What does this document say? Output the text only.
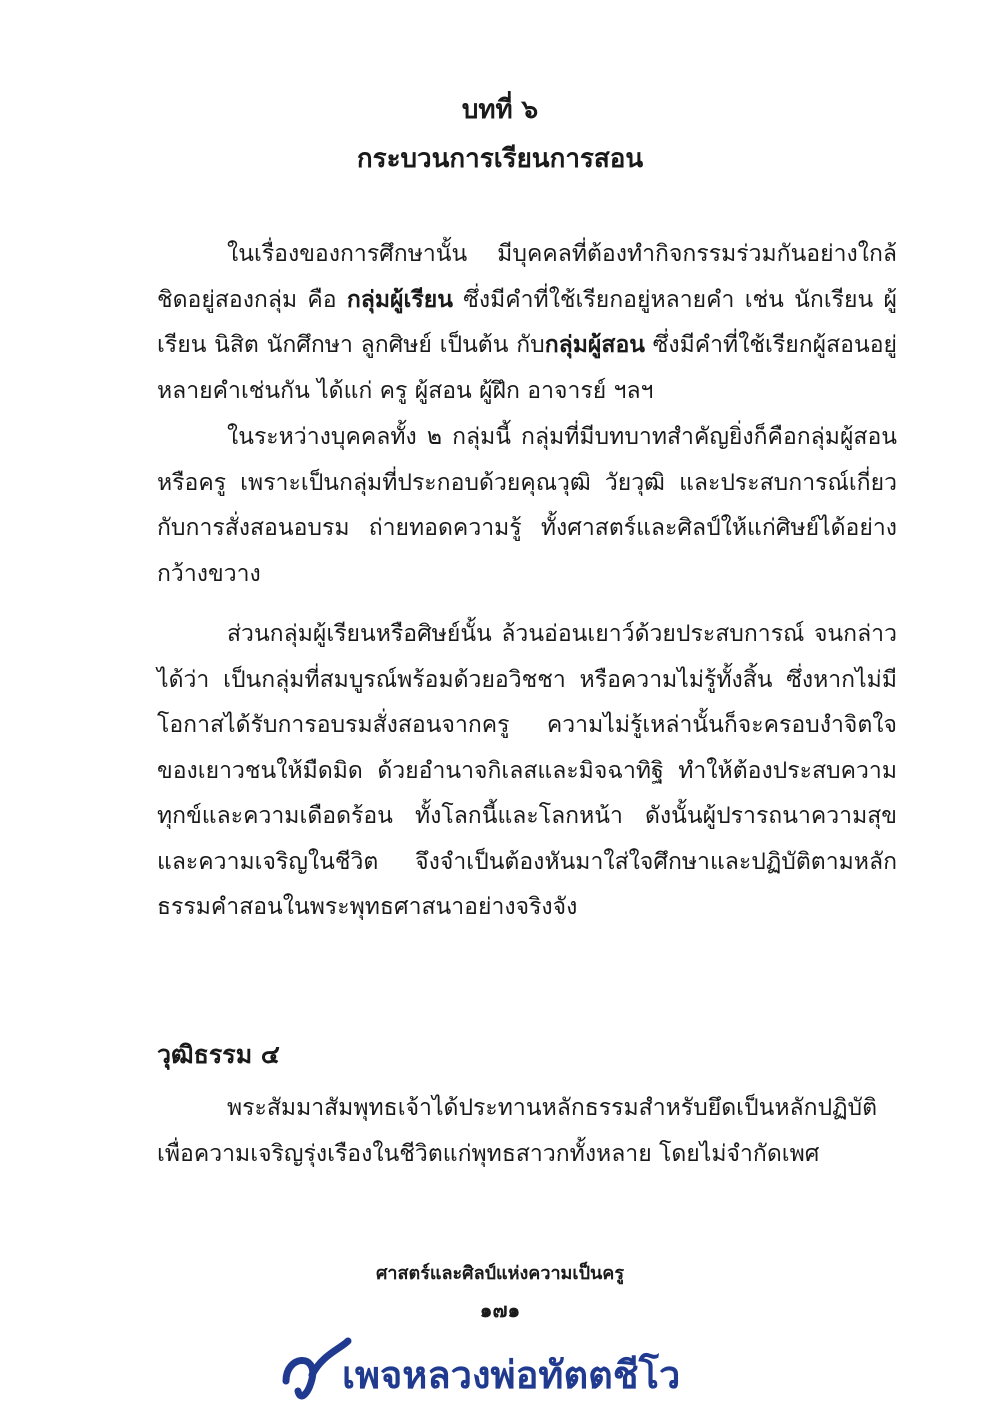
บทที่ ๖
กระบวนการเรียนการสอน
ในเรื่องของการศึกษานั้น มีบุคคลที่ต้องทำกิจกรรมร่วมกันอย่างใกล้ชิดอยู่สองกลุ่ม คือ กลุ่มผู้เรียน ซึ่งมีคำที่ใช้เรียกอยู่หลายคำ เช่น นักเรียน ผู้เรียน นิสิต นักศึกษา ลูกศิษย์ เป็นต้น กับกลุ่มผู้สอน ซึ่งมีคำที่ใช้เรียกผู้สอนอยู่หลายคำเช่นกัน ได้แก่ ครู ผู้สอน ผู้ฝึก อาจารย์ ฯลฯ
ในระหว่างบุคคลทั้ง ๒ กลุ่มนี้ กลุ่มที่มีบทบาทสำคัญยิ่งก็คือกลุ่มผู้สอนหรือครู เพราะเป็นกลุ่มที่ประกอบด้วยคุณวุฒิ วัยวุฒิ และประสบการณ์เกี่ยวกับการสั่งสอนอบรม ถ่ายทอดความรู้ ทั้งศาสตร์และศิลป์ให้แก่ศิษย์ได้อย่างกว้างขวาง
ส่วนกลุ่มผู้เรียนหรือศิษย์นั้น ล้วนอ่อนเยาว์ด้วยประสบการณ์ จนกล่าวได้ว่า เป็นกลุ่มที่สมบูรณ์พร้อมด้วยอวิชชา หรือความไม่รู้ทั้งสิ้น ซึ่งหากไม่มีโอกาสได้รับการอบรมสั่งสอนจากครู ความไม่รู้เหล่านั้นก็จะครอบงำจิตใจของเยาวชนให้มืดมิด ด้วยอำนาจกิเลสและมิจฉาทิฐิ ทำให้ต้องประสบความทุกข์และความเดือดร้อน ทั้งโลกนี้และโลกหน้า ดังนั้นผู้ปรารถนาความสุขและความเจริญในชีวิต จึงจำเป็นต้องหันมาใส่ใจศึกษาและปฏิบัติตามหลักธรรมคำสอนในพระพุทธศาสนาอย่างจริงจัง
วุฒิธรรม ๔
พระสัมมาสัมพุทธเจ้าได้ประทานหลักธรรมสำหรับยึดเป็นหลักปฏิบัติเพื่อความเจริญรุ่งเรืองในชีวิตแก่พุทธสาวกทั้งหลาย โดยไม่จำกัดเพศ
ศาสตร์และศิลป์แห่งความเป็นครู
๑๗๑
เพจหลวงพ่อทัตตชีโว
